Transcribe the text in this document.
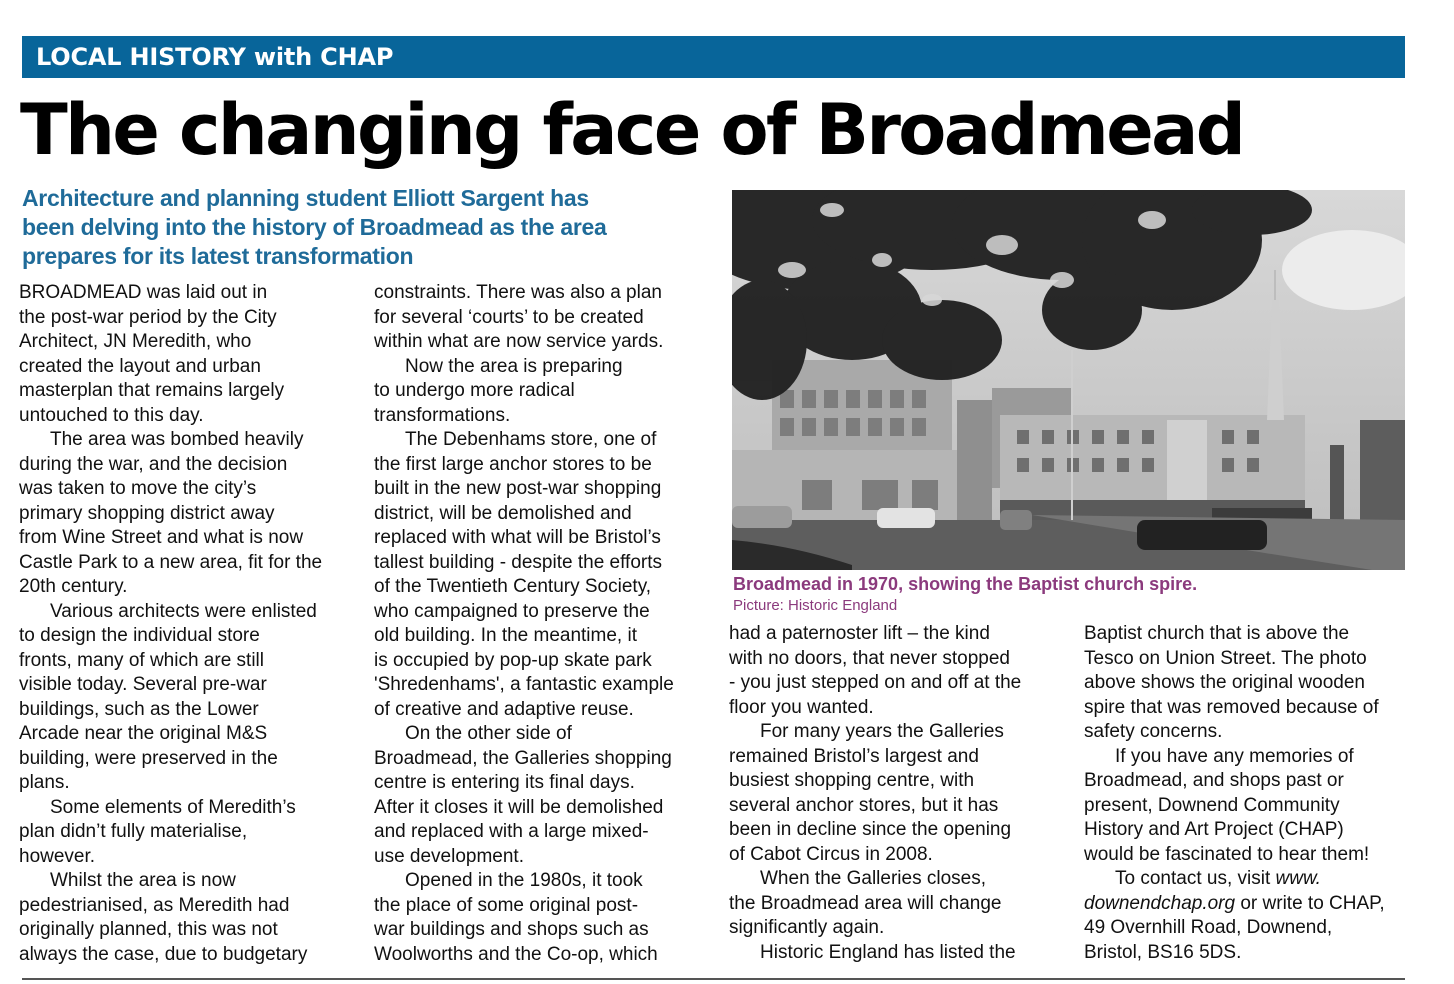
LOCAL HISTORY with CHAP
The changing face of Broadmead
Architecture and planning student Elliott Sargent has
been delving into the history of Broadmead as the area
prepares for its latest transformation
Broadmead in 1970, showing the Baptist church spire.
Picture: Historic England
BROADMEAD was laid out in
the post-war period by the City
Architect, JN Meredith, who
created the layout and urban
masterplan that remains largely
untouched to this day.
The area was bombed heavily
during the war, and the decision
was taken to move the city’s
primary shopping district away
from Wine Street and what is now
Castle Park to a new area, fit for the
20th century.
Various architects were enlisted
to design the individual store
fronts, many of which are still
visible today. Several pre-war
buildings, such as the Lower
Arcade near the original M&S
building, were preserved in the
plans.
Some elements of Meredith’s
plan didn’t fully materialise,
however.
Whilst the area is now
pedestrianised, as Meredith had
originally planned, this was not
always the case, due to budgetary
constraints. There was also a plan
for several ‘courts’ to be created
within what are now service yards.
Now the area is preparing
to undergo more radical
transformations.
The Debenhams store, one of
the first large anchor stores to be
built in the new post-war shopping
district, will be demolished and
replaced with what will be Bristol’s
tallest building - despite the efforts
of the Twentieth Century Society,
who campaigned to preserve the
old building. In the meantime, it
is occupied by pop-up skate park
'Shredenhams', a fantastic example
of creative and adaptive reuse.
On the other side of
Broadmead, the Galleries shopping
centre is entering its final days.
After it closes it will be demolished
and replaced with a large mixed-
use development.
Opened in the 1980s, it took
the place of some original post-
war buildings and shops such as
Woolworths and the Co-op, which
had a paternoster lift – the kind
with no doors, that never stopped
- you just stepped on and off at the
floor you wanted.
For many years the Galleries
remained Bristol’s largest and
busiest shopping centre, with
several anchor stores, but it has
been in decline since the opening
of Cabot Circus in 2008.
When the Galleries closes,
the Broadmead area will change
significantly again.
Historic England has listed the
Baptist church that is above the
Tesco on Union Street. The photo
above shows the original wooden
spire that was removed because of
safety concerns.
If you have any memories of
Broadmead, and shops past or
present, Downend Community
History and Art Project (CHAP)
would be fascinated to hear them!
To contact us, visit www.
downendchap.org or write to CHAP,
49 Overnhill Road, Downend,
Bristol, BS16 5DS.
